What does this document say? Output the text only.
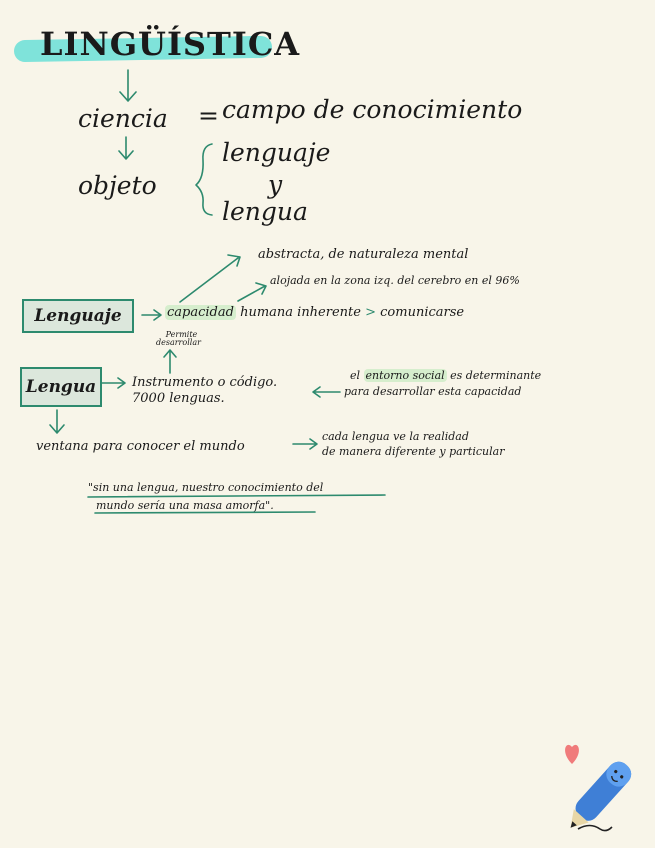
LINGÜÍSTICA
ciencia = campo de conocimiento
objeto
lenguaje
y
lengua
abstracta, de naturaleza mental
alojada en la zona izq. del cerebro en el 96%
Lenguaje	capacidad humana inherente > comunicarse
Permite
desarrollar
Lengua	Instrumento o código.
7000 lenguas.
el entorno social es determinante
para desarrollar esta capacidad
ventana para conocer el mundo
cada lengua ve la realidad
de manera diferente y particular
"sin una lengua, nuestro conocimiento del
mundo sería una masa amorfa".
